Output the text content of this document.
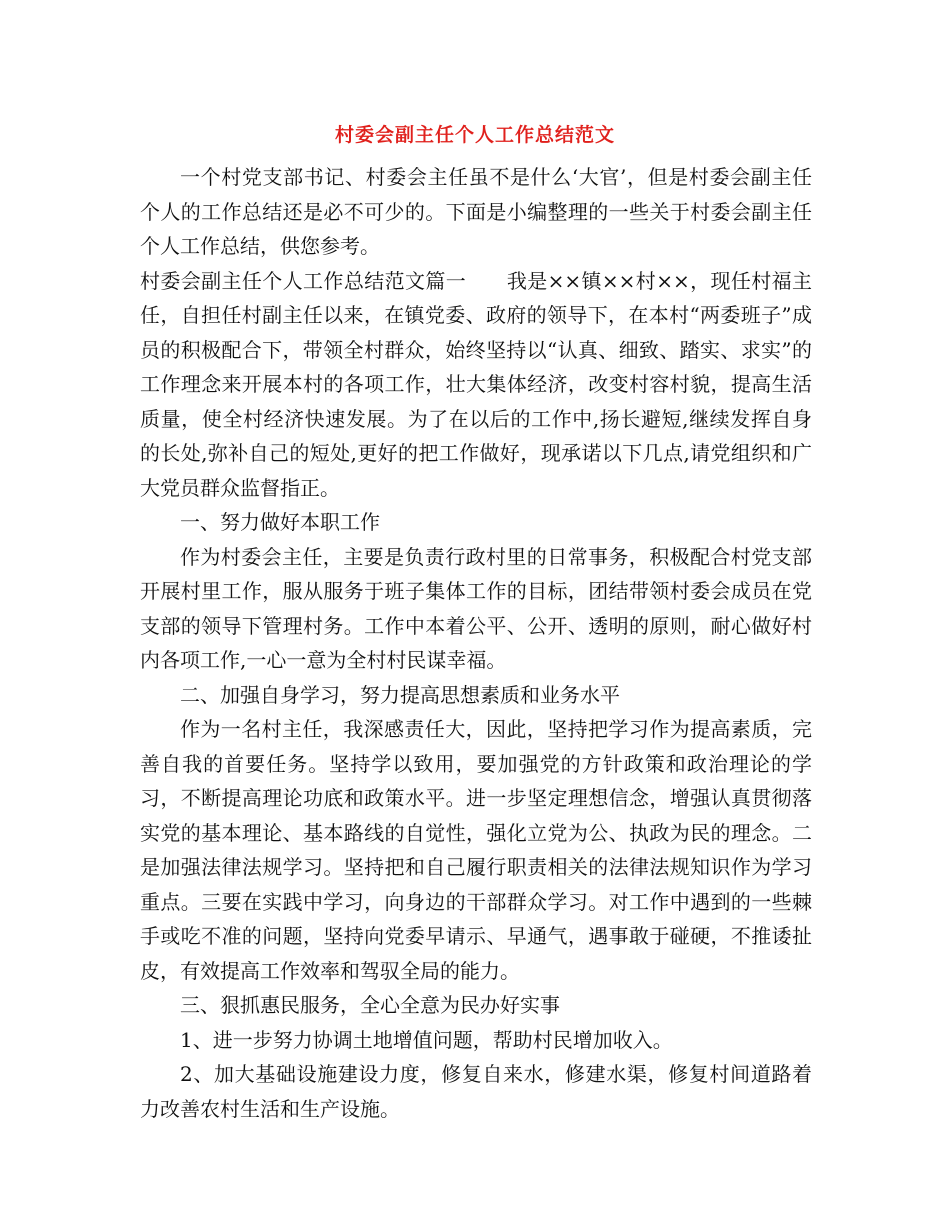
村委会副主任个人工作总结范文

一个村党支部书记、村委会主任虽不是什么‘大官’，但是村委会副主任个人的工作总结还是必不可少的。下面是小编整理的一些关于村委会副主任个人工作总结，供您参考。

村委会副主任个人工作总结范文篇一　　我是××镇××村××，现任村福主任，自担任村副主任以来，在镇党委、政府的领导下，在本村“两委班子”成员的积极配合下，带领全村群众，始终坚持以“认真、细致、踏实、求实”的工作理念来开展本村的各项工作，壮大集体经济，改变村容村貌，提高生活质量，使全村经济快速发展。为了在以后的工作中,扬长避短,继续发挥自身的长处,弥补自己的短处,更好的把工作做好，现承诺以下几点,请党组织和广大党员群众监督指正。

一、努力做好本职工作

作为村委会主任，主要是负责行政村里的日常事务，积极配合村党支部开展村里工作，服从服务于班子集体工作的目标，团结带领村委会成员在党支部的领导下管理村务。工作中本着公平、公开、透明的原则，耐心做好村内各项工作,一心一意为全村村民谋幸福。

二、加强自身学习，努力提高思想素质和业务水平

作为一名村主任，我深感责任大，因此，坚持把学习作为提高素质，完善自我的首要任务。坚持学以致用，要加强党的方针政策和政治理论的学习，不断提高理论功底和政策水平。进一步坚定理想信念，增强认真贯彻落实党的基本理论、基本路线的自觉性，强化立党为公、执政为民的理念。二是加强法律法规学习。坚持把和自己履行职责相关的法律法规知识作为学习重点。三要在实践中学习，向身边的干部群众学习。对工作中遇到的一些棘手或吃不准的问题，坚持向党委早请示、早通气，遇事敢于碰硬，不推诿扯皮，有效提高工作效率和驾驭全局的能力。

三、狠抓惠民服务，全心全意为民办好实事

1、进一步努力协调土地增值问题，帮助村民增加收入。

2、加大基础设施建设力度，修复自来水，修建水渠，修复村间道路着力改善农村生活和生产设施。
